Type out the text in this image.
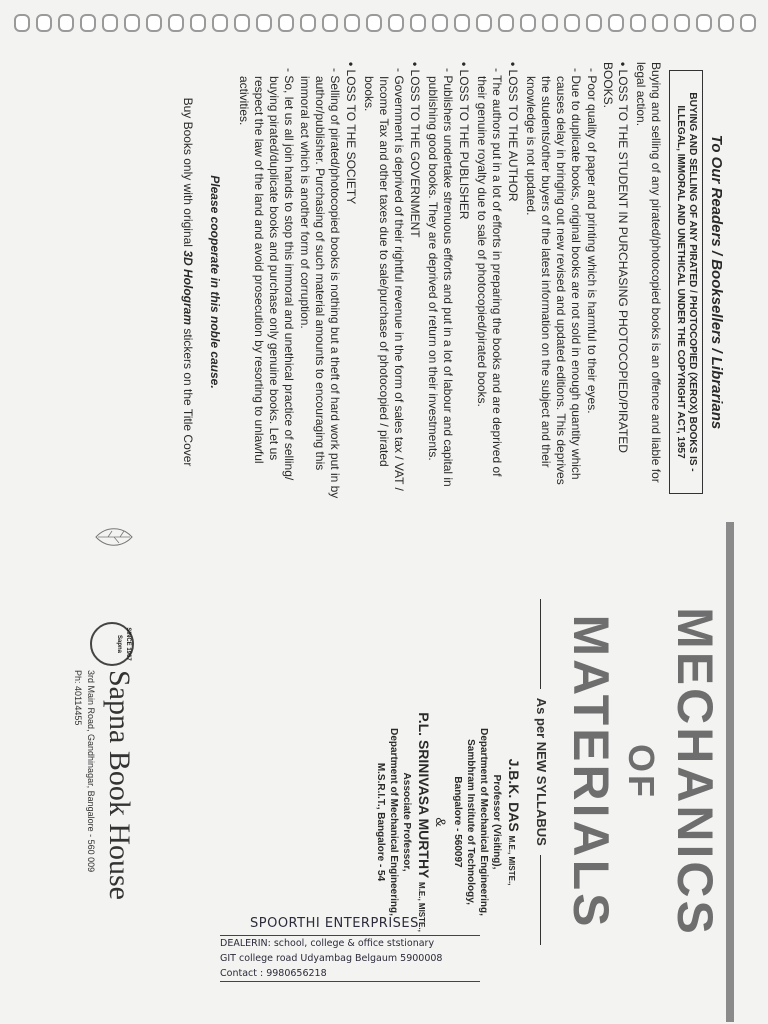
To Our Readers / Booksellers / Librarians
BUYING AND SELLING OF ANY PIRATED / PHOTOCOPIED (XEROX) BOOKS IS - ILLEGAL, IMMORAL AND UNETHICAL UNDER THE COPYRIGHT ACT, 1957

Buying and selling of any pirated/photocopied books is an offence and liable for legal action.

• LOSS TO THE STUDENT IN PURCHASING PHOTOCOPIED/PIRATED BOOKS.
- Poor quality of paper and printing which is harmful to their eyes.
- Due to duplicate books, original books are not sold in enough quantity which causes delay in bringing out new revised and updated editions. This deprives the students/other buyers of the latest information on the subject and their knowledge is not updated.
• LOSS TO THE AUTHOR
- The authors put in a lot of efforts in preparing the books and are deprived of their genuine royalty due to sale of photocopied/pirated books.
• LOSS TO THE PUBLISHER
- Publishers undertake strenuous efforts and put in a lot of labour and capital in publishing good books. They are deprived of return on their investments.
• LOSS TO THE GOVERNMENT
- Government is deprived of their rightful revenue in the form of sales tax / VAT / Income Tax and other taxes due to sale/purchase of photocopied / pirated books.
• LOSS TO THE SOCIETY
- Selling of pirated/photocopied books is nothing but a theft of hard work put in by author/publisher. Purchasing of such material amounts to encouraging this immoral act which is another form of corruption.
- So, let us all join hands to stop this immoral and unethical practice of selling/ buying pirated/duplicate books and purchase only genuine books. Let us respect the law of the land and avoid prosecution by resorting to unlawful activities.
Please cooperate in this noble cause.
Buy Books only with original 3D Hologram stickers on the Title Cover
MECHANICS
OF
MATERIALS
As per NEW SYLLABUS
J.B.K. DAS M.E., MISTE.,
Professor (Visiting),
Department of Mechanical Engineering,
Sambhram Institute of Technology,
Bangalore - 560097
&
P.L. SRINIVASA MURTHY M.E., MISTE.,
Associate Professor,
Department of Mechanical Engineering,
M.S.R.I.T., Bangalore - 54
SINCE 1967 Sapna
Sapna Book House
3rd Main Road, Gandhinagar, Bangalore - 560 009
Ph: 40114455
SPOORTHI ENTERPRISES
DEALERIN: school, college & office ststionary
GIT college road Udyambag Belgaum 5900008
Contact : 9980656218
